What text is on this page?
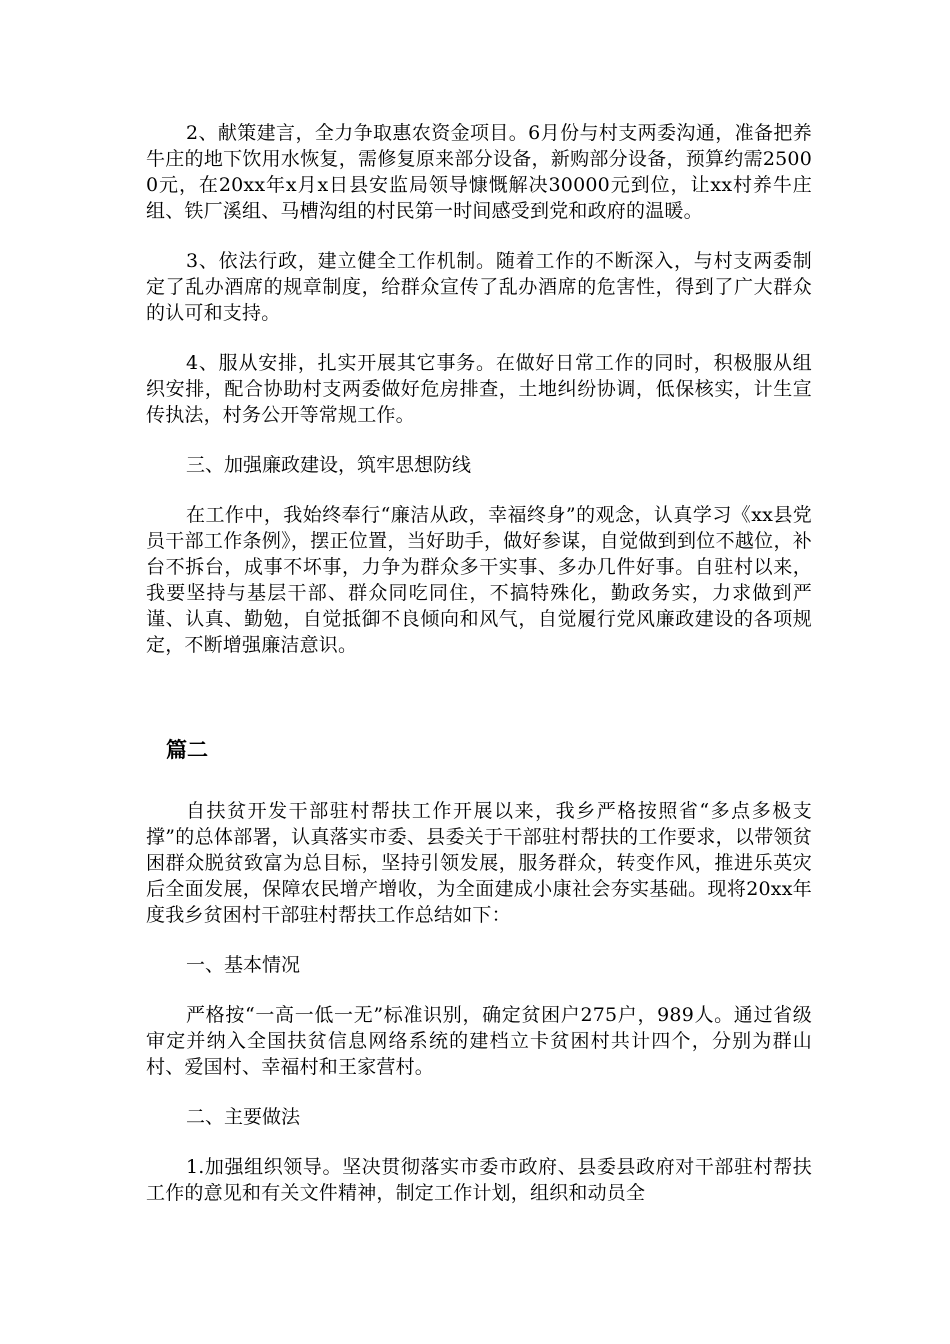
2、献策建言，全力争取惠农资金项目。6月份与村支两委沟通，准备把养牛庄的地下饮用水恢复，需修复原来部分设备，新购部分设备，预算约需25000元，在20xx年x月x日县安监局领导慷慨解决30000元到位，让xx村养牛庄组、铁厂溪组、马槽沟组的村民第一时间感受到党和政府的温暖。

3、依法行政，建立健全工作机制。随着工作的不断深入，与村支两委制定了乱办酒席的规章制度，给群众宣传了乱办酒席的危害性，得到了广大群众的认可和支持。

4、服从安排，扎实开展其它事务。在做好日常工作的同时，积极服从组织安排，配合协助村支两委做好危房排查，土地纠纷协调，低保核实，计生宣传执法，村务公开等常规工作。

三、加强廉政建设，筑牢思想防线

在工作中，我始终奉行“廉洁从政，幸福终身”的观念，认真学习《xx县党员干部工作条例》，摆正位置，当好助手，做好参谋，自觉做到到位不越位，补台不拆台，成事不坏事，力争为群众多干实事、多办几件好事。自驻村以来，我要坚持与基层干部、群众同吃同住，不搞特殊化，勤政务实，力求做到严谨、认真、勤勉，自觉抵御不良倾向和风气，自觉履行党风廉政建设的各项规定，不断增强廉洁意识。

篇二

自扶贫开发干部驻村帮扶工作开展以来，我乡严格按照省“多点多极支撑”的总体部署，认真落实市委、县委关于干部驻村帮扶的工作要求，以带领贫困群众脱贫致富为总目标，坚持引领发展，服务群众，转变作风，推进乐英灾后全面发展，保障农民增产增收，为全面建成小康社会夯实基础。现将20xx年度我乡贫困村干部驻村帮扶工作总结如下：

一、基本情况

严格按“一高一低一无”标准识别，确定贫困户275户，989人。通过省级审定并纳入全国扶贫信息网络系统的建档立卡贫困村共计四个，分别为群山村、爱国村、幸福村和王家营村。

二、主要做法

1.加强组织领导。坚决贯彻落实市委市政府、县委县政府对干部驻村帮扶工作的意见和有关文件精神，制定工作计划，组织和动员全
